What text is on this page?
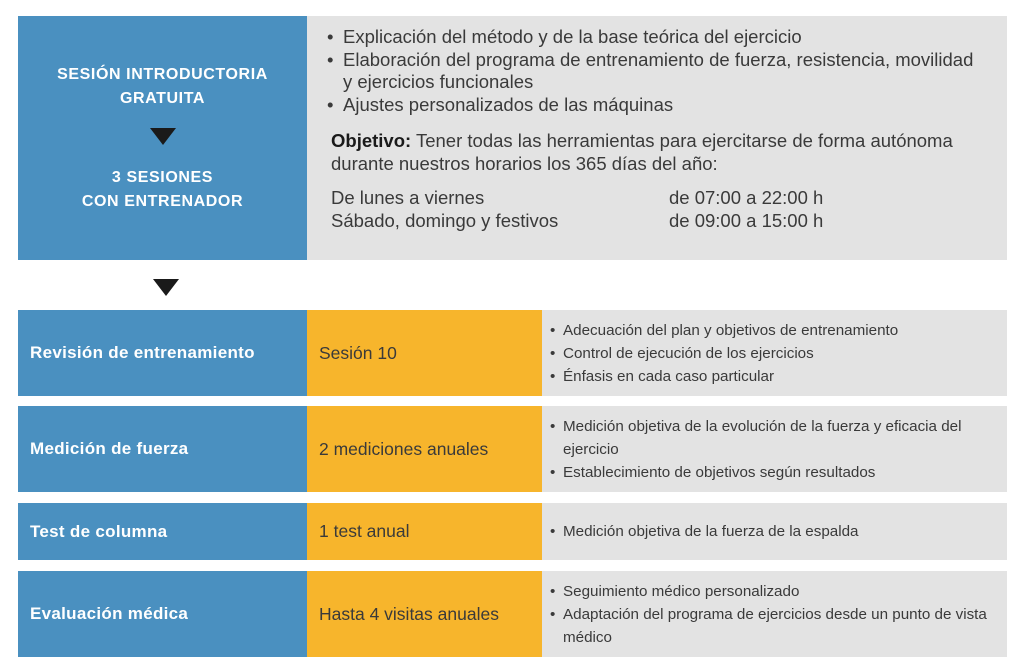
SESIÓN INTRODUCTORIA
GRATUITA
3 SESIONES
CON ENTRENADOR
• Explicación del método y de la base teórica del ejercicio
• Elaboración del programa de entrenamiento de fuerza, resistencia, movilidad y ejercicios funcionales
• Ajustes personalizados de las máquinas
Objetivo: Tener todas las herramientas para ejercitarse de forma autónoma durante nuestros horarios los 365 días del año:
De lunes a viernes	de 07:00 a 22:00 h
Sábado, domingo y festivos	de 09:00 a 15:00 h
Revisión de entrenamiento	Sesión 10
• Adecuación del plan y objetivos de entrenamiento
• Control de ejecución de los ejercicios
• Énfasis en cada caso particular
Medición de fuerza	2 mediciones anuales
• Medición objetiva de la evolución de la fuerza y eficacia del ejercicio
• Establecimiento de objetivos según resultados
Test de columna	1 test anual
•	Medición objetiva de la fuerza de la espalda
Evaluación médica	Hasta 4 visitas anuales
• Seguimiento médico personalizado
• Adaptación del programa de ejercicios desde un punto de vista médico
